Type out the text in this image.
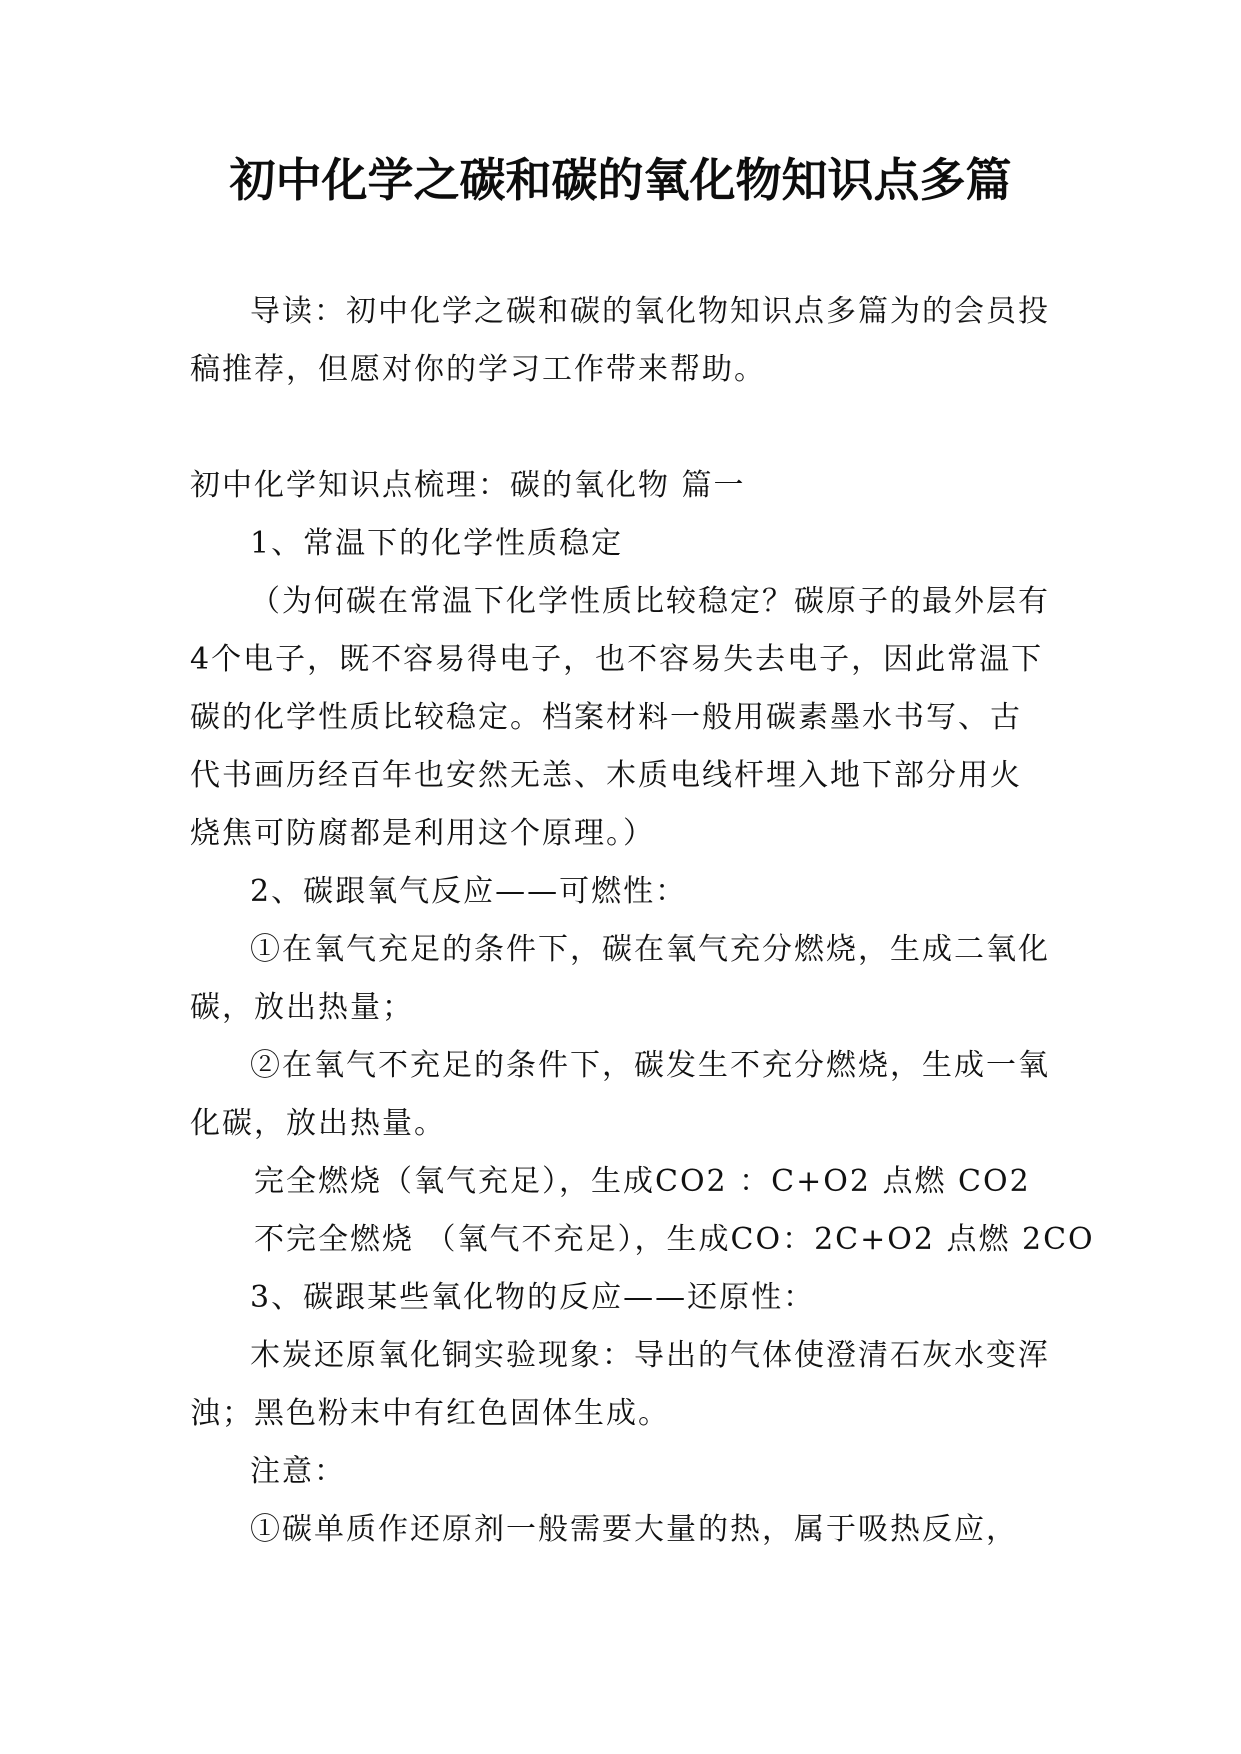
初中化学之碳和碳的氧化物知识点多篇

导读：初中化学之碳和碳的氧化物知识点多篇为的会员投稿推荐，但愿对你的学习工作带来帮助。

初中化学知识点梳理：碳的氧化物 篇一

1、常温下的化学性质稳定

（为何碳在常温下化学性质比较稳定？碳原子的最外层有4个电子，既不容易得电子，也不容易失去电子，因此常温下碳的化学性质比较稳定。档案材料一般用碳素墨水书写、古代书画历经百年也安然无恙、木质电线杆埋入地下部分用火烧焦可防腐都是利用这个原理。）

2、碳跟氧气反应——可燃性：

①在氧气充足的条件下，碳在氧气充分燃烧，生成二氧化碳，放出热量；

②在氧气不充足的条件下，碳发生不充分燃烧，生成一氧化碳，放出热量。

完全燃烧（氧气充足），生成CO2 ：C+O2 点燃 CO2

不完全燃烧 （氧气不充足），生成CO：2C+O2 点燃 2CO

3、碳跟某些氧化物的反应——还原性：

木炭还原氧化铜实验现象：导出的气体使澄清石灰水变浑浊；黑色粉末中有红色固体生成。

注意：

①碳单质作还原剂一般需要大量的热，属于吸热反应，
